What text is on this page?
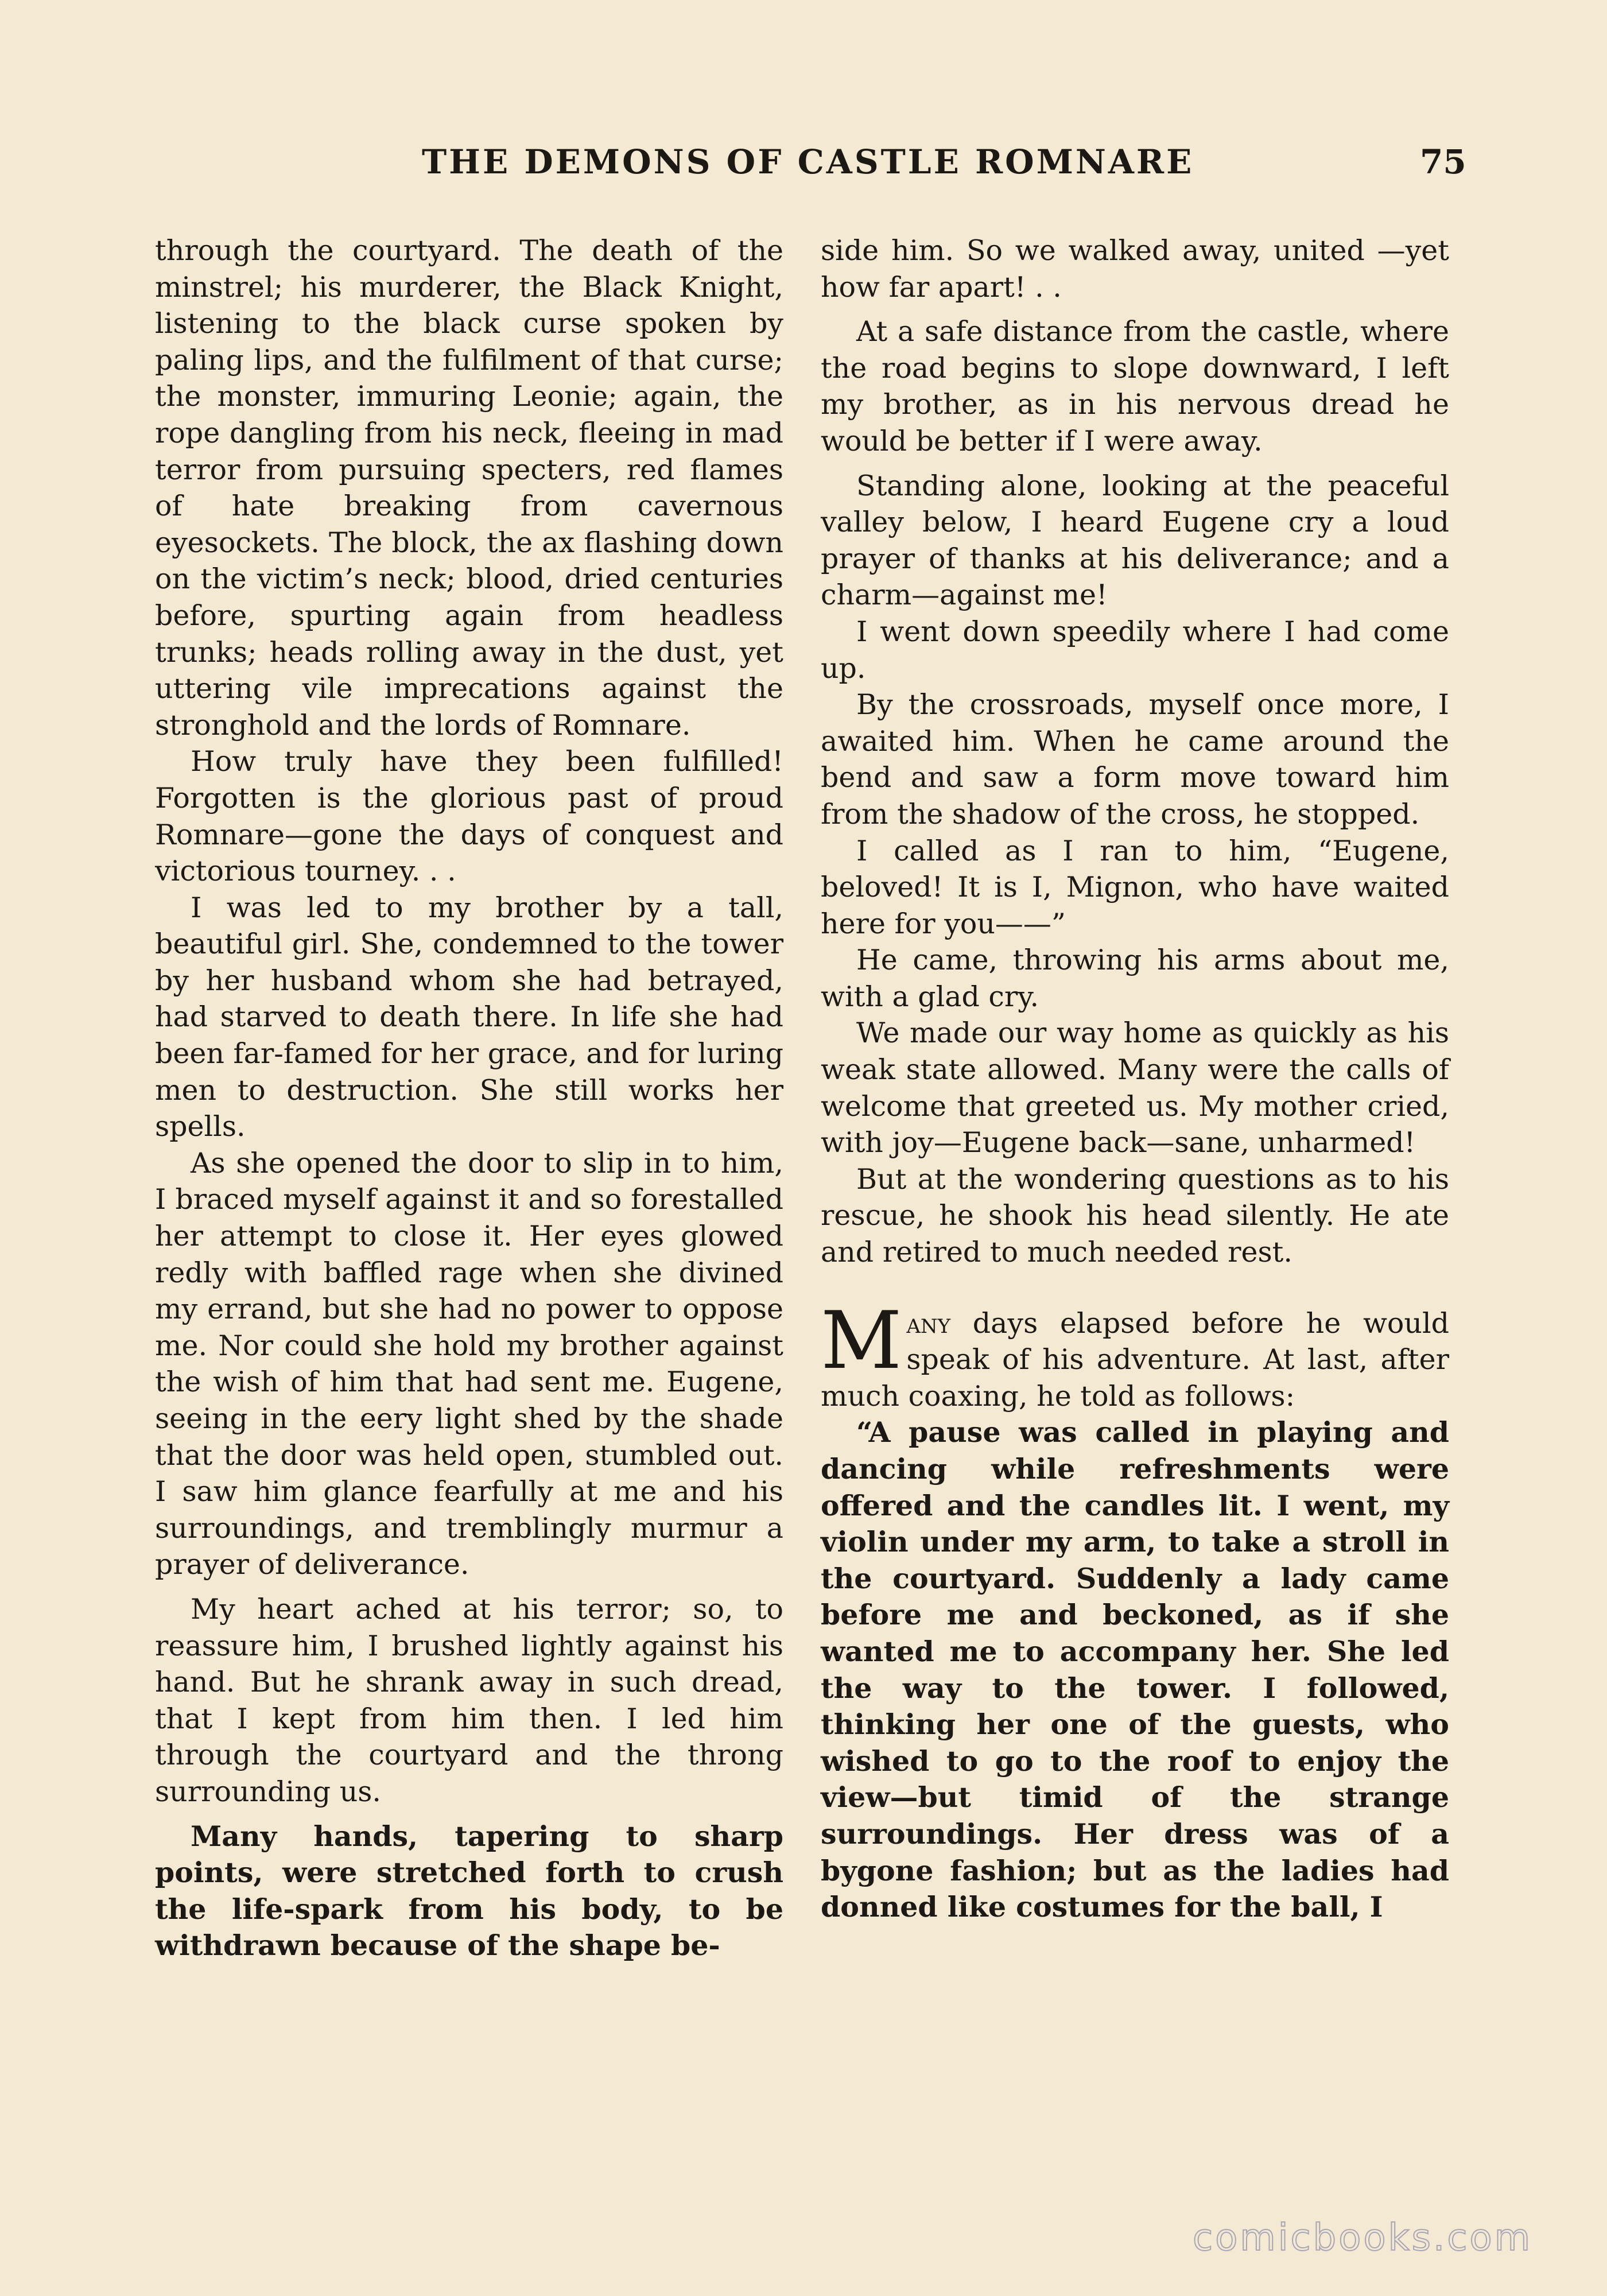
THE DEMONS OF CASTLE ROMNARE	75

through the courtyard. The death of the minstrel; his murderer, the Black Knight, listening to the black curse spoken by paling lips, and the fulfilment of that curse; the monster, immuring Leonie; again, the rope dangling from his neck, fleeing in mad terror from pursuing specters, red flames of hate breaking from cavernous eyesockets. The block, the ax flashing down on the victim’s neck; blood, dried centuries before, spurting again from headless trunks; heads rolling away in the dust, yet uttering vile imprecations against the stronghold and the lords of Romnare.

How truly have they been fulfilled! Forgotten is the glorious past of proud Romnare—gone the days of conquest and victorious tourney. . .

I was led to my brother by a tall, beautiful girl. She, condemned to the tower by her husband whom she had betrayed, had starved to death there. In life she had been far-famed for her grace, and for luring men to destruction. She still works her spells.

As she opened the door to slip in to him, I braced myself against it and so forestalled her attempt to close it. Her eyes glowed redly with baffled rage when she divined my errand, but she had no power to oppose me. Nor could she hold my brother against the wish of him that had sent me. Eugene, seeing in the eery light shed by the shade that the door was held open, stumbled out. I saw him glance fearfully at me and his surroundings, and tremblingly murmur a prayer of deliverance.

My heart ached at his terror; so, to reassure him, I brushed lightly against his hand. But he shrank away in such dread, that I kept from him then. I led him through the courtyard and the throng surrounding us.

Many hands, tapering to sharp points, were stretched forth to crush the life-spark from his body, to be withdrawn because of the shape be-

side him. So we walked away, united —yet how far apart! . .

At a safe distance from the castle, where the road begins to slope downward, I left my brother, as in his nervous dread he would be better if I were away.

Standing alone, looking at the peaceful valley below, I heard Eugene cry a loud prayer of thanks at his deliverance; and a charm—against me!

I went down speedily where I had come up.

By the crossroads, myself once more, I awaited him. When he came around the bend and saw a form move toward him from the shadow of the cross, he stopped.

I called as I ran to him, “Eugene, beloved! It is I, Mignon, who have waited here for you——”

He came, throwing his arms about me, with a glad cry.

We made our way home as quickly as his weak state allowed. Many were the calls of welcome that greeted us. My mother cried, with joy—Eugene back—sane, unharmed!

But at the wondering questions as to his rescue, he shook his head silently. He ate and retired to much needed rest.

Many days elapsed before he would speak of his adventure. At last, after much coaxing, he told as follows:

“A pause was called in playing and dancing while refreshments were offered and the candles lit. I went, my violin under my arm, to take a stroll in the courtyard. Suddenly a lady came before me and beckoned, as if she wanted me to accompany her. She led the way to the tower. I followed, thinking her one of the guests, who wished to go to the roof to enjoy the view—but timid of the strange surroundings. Her dress was of a bygone fashion; but as the ladies had donned like costumes for the ball, I

comicbooks.com
